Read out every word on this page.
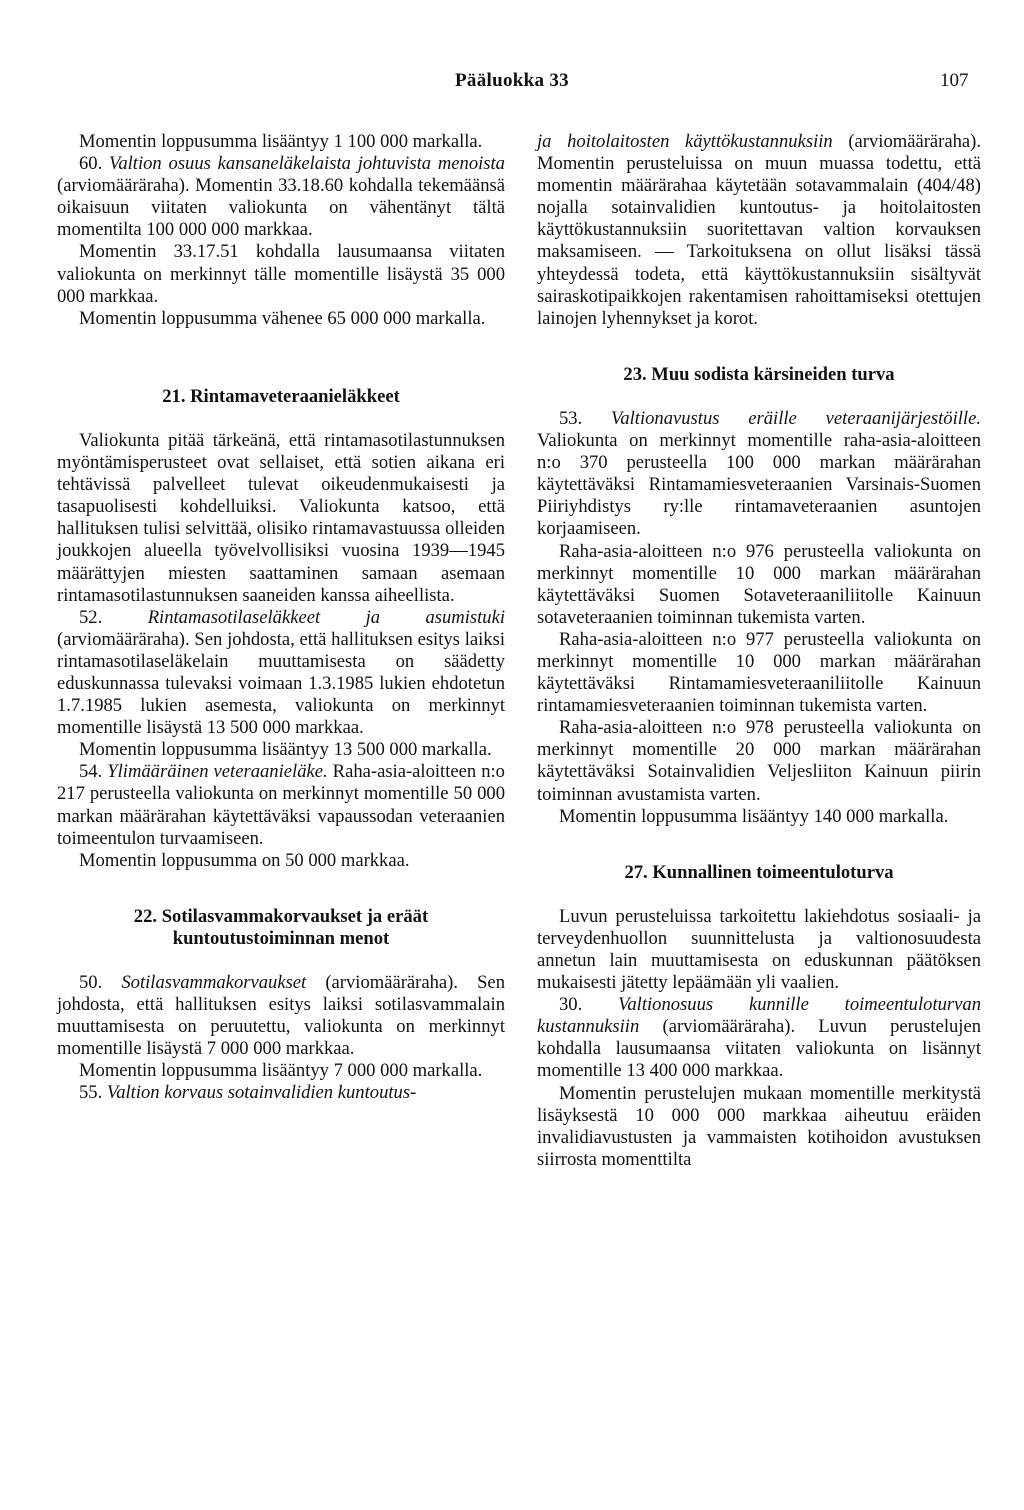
Pääluokka 33	107

Momentin loppusumma lisääntyy 1 100 000 markalla.

60. Valtion osuus kansaneläkelaista johtuvista menoista (arviomääräraha). Momentin 33.18.60 kohdalla tekemäänsä oikaisuun viitaten valiokunta on vähentänyt tältä momentilta 100 000 000 markkaa.

Momentin 33.17.51 kohdalla lausumaansa viitaten valiokunta on merkinnyt tälle momentille lisäystä 35 000 000 markkaa.

Momentin loppusumma vähenee 65 000 000 markalla.

21. Rintamaveteraanieläkkeet

Valiokunta pitää tärkeänä, että rintamasotilastunnuksen myöntämisperusteet ovat sellaiset, että sotien aikana eri tehtävissä palvelleet tulevat oikeudenmukaisesti ja tasapuolisesti kohdelluiksi. Valiokunta katsoo, että hallituksen tulisi selvittää, olisiko rintamavastuussa olleiden joukkojen alueella työvelvollisiksi vuosina 1939—1945 määrättyjen miesten saattaminen samaan asemaan rintamasotilastunnuksen saaneiden kanssa aiheellista.

52. Rintamasotilaseläkkeet ja asumistuki (arviomääräraha). Sen johdosta, että hallituksen esitys laiksi rintamasotilaseläkelain muuttamisesta on säädetty eduskunnassa tulevaksi voimaan 1.3.1985 lukien ehdotetun 1.7.1985 lukien asemesta, valiokunta on merkinnyt momentille lisäystä 13 500 000 markkaa.

Momentin loppusumma lisääntyy 13 500 000 markalla.

54. Ylimääräinen veteraanieläke. Raha-asia-aloitteen n:o 217 perusteella valiokunta on merkinnyt momentille 50 000 markan määrärahan käytettäväksi vapaussodan veteraanien toimeentulon turvaamiseen.

Momentin loppusumma on 50 000 markkaa.

22. Sotilasvammakorvaukset ja eräät kuntoutustoiminnan menot

50. Sotilasvammakorvaukset (arviomääräraha). Sen johdosta, että hallituksen esitys laiksi sotilasvammalain muuttamisesta on peruutettu, valiokunta on merkinnyt momentille lisäystä 7 000 000 markkaa.

Momentin loppusumma lisääntyy 7 000 000 markalla.

55. Valtion korvaus sotainvalidien kuntoutus-

ja hoitolaitosten käyttökustannuksiin (arviomääräraha). Momentin perusteluissa on muun muassa todettu, että momentin määrärahaa käytetään sotavammalain (404/48) nojalla sotainvalidien kuntoutus- ja hoitolaitosten käyttökustannuksiin suoritettavan valtion korvauksen maksamiseen. — Tarkoituksena on ollut lisäksi tässä yhteydessä todeta, että käyttökustannuksiin sisältyvät sairaskotipaikkojen rakentamisen rahoittamiseksi otettujen lainojen lyhennykset ja korot.

23. Muu sodista kärsineiden turva

53. Valtionavustus eräille veteraanijärjestöille. Valiokunta on merkinnyt momentille raha-asia-aloitteen n:o 370 perusteella 100 000 markan määrärahan käytettäväksi Rintamamiesveteraanien Varsinais-Suomen Piiriyhdistys ry:lle rintamaveteraanien asuntojen korjaamiseen.

Raha-asia-aloitteen n:o 976 perusteella valiokunta on merkinnyt momentille 10 000 markan määrärahan käytettäväksi Suomen Sotaveteraaniliitolle Kainuun sotaveteraanien toiminnan tukemista varten.

Raha-asia-aloitteen n:o 977 perusteella valiokunta on merkinnyt momentille 10 000 markan määrärahan käytettäväksi Rintamamiesveteraaniliitolle Kainuun rintamamiesveteraanien toiminnan tukemista varten.

Raha-asia-aloitteen n:o 978 perusteella valiokunta on merkinnyt momentille 20 000 markan määrärahan käytettäväksi Sotainvalidien Veljesliiton Kainuun piirin toiminnan avustamista varten.

Momentin loppusumma lisääntyy 140 000 markalla.

27. Kunnallinen toimeentuloturva

Luvun perusteluissa tarkoitettu lakiehdotus sosiaali- ja terveydenhuollon suunnittelusta ja valtionosuudesta annetun lain muuttamisesta on eduskunnan päätöksen mukaisesti jätetty lepäämään yli vaalien.

30. Valtionosuus kunnille toimeentuloturvan kustannuksiin (arviomääräraha). Luvun perustelujen kohdalla lausumaansa viitaten valiokunta on lisännyt momentille 13 400 000 markkaa.

Momentin perustelujen mukaan momentille merkitystä lisäyksestä 10 000 000 markkaa aiheutuu eräiden invalidiavustusten ja vammaisten kotihoidon avustuksen siirrosta momenttilta
